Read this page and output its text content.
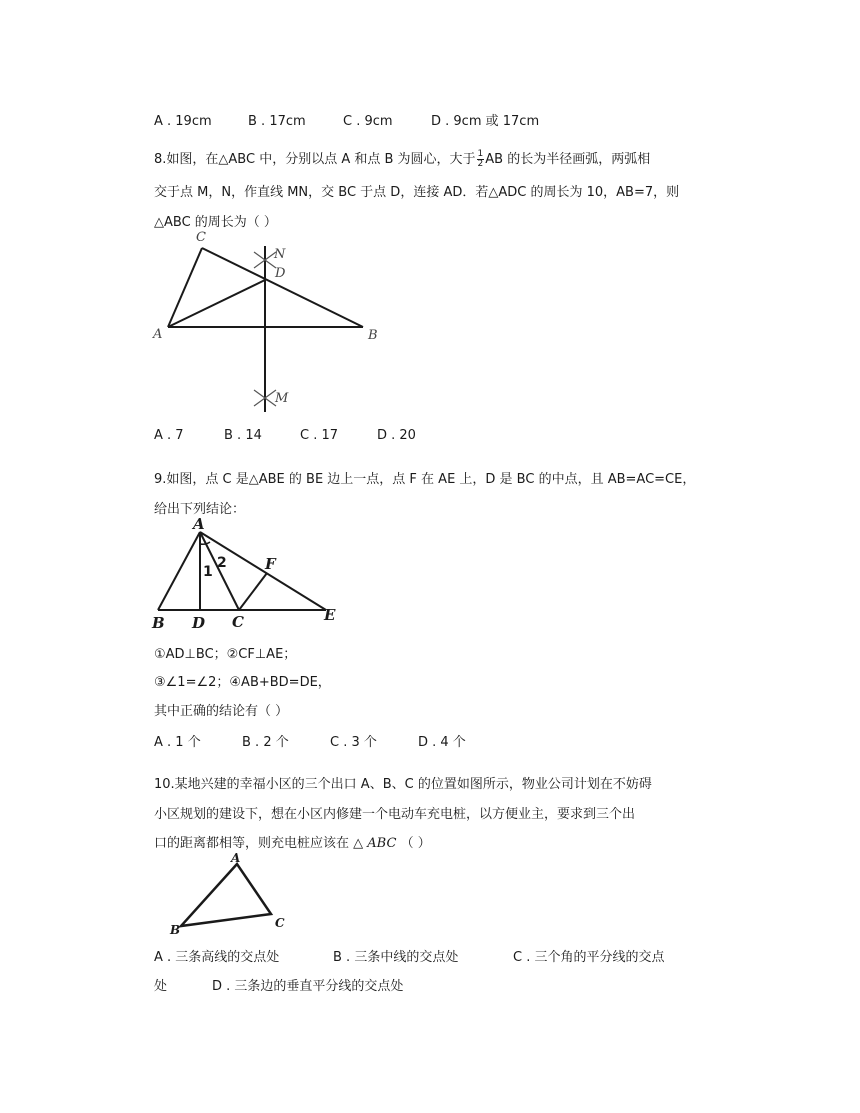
A . 19cm	B . 17cm	C . 9cm	D . 9cm 或 17cm
8.如图，在△ABC 中，分别以点 A 和点 B 为圆心，大于 $\frac{1}{2}$ AB 的长为半径画弧，两弧相
交于点 M，N，作直线 MN，交 BC 于点 D，连接 AD．若△ADC 的周长为 10，AB=7，则
△ABC 的周长为（ ）
C
N
D
A	B
M
A . 7	B . 14	C . 17	D . 20
9.如图，点 C 是△ABE 的 BE 边上一点，点 F 在 AE 上，D 是 BC 的中点，且 AB=AC=CE，
给出下列结论：
A
F
B D C	E
1
2
①AD⊥BC；②CF⊥AE；
③∠1=∠2；④AB+BD=DE，
其中正确的结论有（ ）
A . 1 个	B . 2 个	C . 3 个	D . 4 个
10.某地兴建的幸福小区的三个出口 A、B、C 的位置如图所示，物业公司计划在不妨碍
小区规划的建设下，想在小区内修建一个电动车充电桩，以方便业主，要求到三个出
口的距离都相等，则充电桩应该在 △ ABC （ ）
A
B	C
A . 三条高线的交点处	B . 三条中线的交点处	C . 三个角的平分线的交点
处	D . 三条边的垂直平分线的交点处
